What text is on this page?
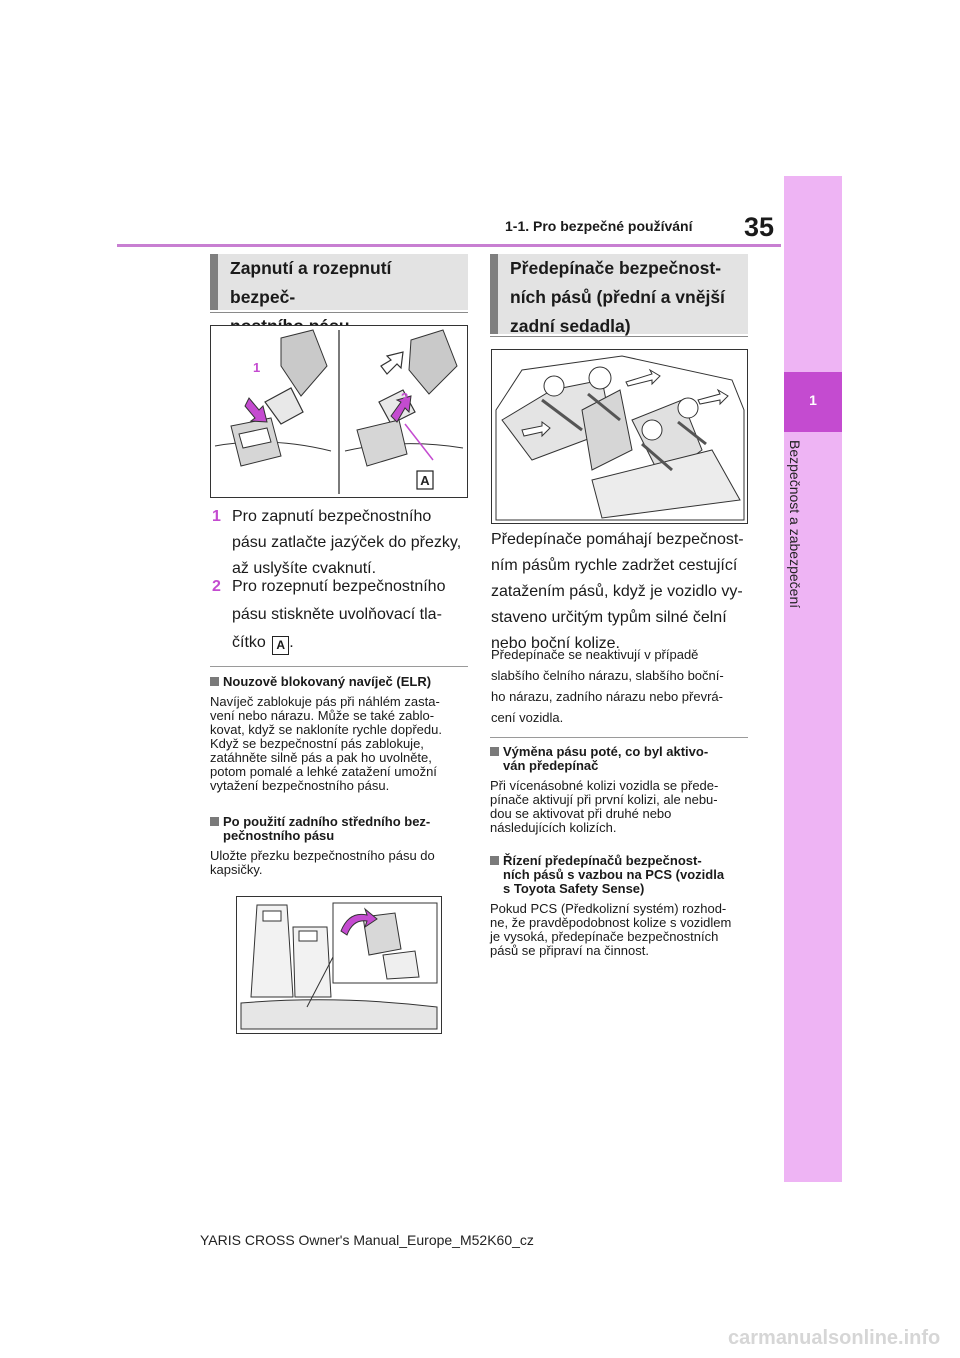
35
1-1. Pro bezpečné používání
1
Bezpečnost a zabezpečení
Zapnutí a rozepnutí bezpeč-
1
2
A
1 Pro zapnutí bezpečnostního
pásu zatlačte jazýček do přezky,
až uslyšíte cvaknutí.
2 Pro rozepnutí bezpečnostního
pásu stiskněte uvolňovací tla-
čítko A .
Nouzově blokovaný navíječ (ELR)
Navíječ zablokuje pás při náhlém zasta-
vení nebo nárazu. Může se také zablo-
kovat, když se nakloníte rychle dopředu.
Když se bezpečnostní pás zablokuje,
zatáhněte silně pás a pak ho uvolněte,
potom pomalé a lehké zatažení umožní
vytažení bezpečnostního pásu.
Po použití zadního středního bez-
pečnostního pásu
Uložte přezku bezpečnostního pásu do
kapsičky.
Předepínače bezpečnost-
ních pásů (přední a vnější
zadní sedadla)
Předepínače pomáhají bezpečnost-
ním pásům rychle zadržet cestující
zatažením pásů, když je vozidlo vy-
staveno určitým typům silné čelní
nebo boční kolize.
Předepínače se neaktivují v případě
slabšího čelního nárazu, slabšího boční-
ho nárazu, zadního nárazu nebo převrá-
cení vozidla.
Výměna pásu poté, co byl aktivo-
ván předepínač
Při vícenásobné kolizi vozidla se přede-
pínače aktivují při první kolizi, ale nebu-
dou se aktivovat při druhé nebo
následujících kolizích.
Řízení předepínačů bezpečnost-
ních pásů s vazbou na PCS (vozidla
s Toyota Safety Sense)
Pokud PCS (Předkolizní systém) rozhod-
ne, že pravděpodobnost kolize s vozidlem
je vysoká, předepínače bezpečnostních
pásů se připraví na činnost.
YARIS CROSS Owner's Manual_Europe_M52K60_cz
carmanualsonline.info
